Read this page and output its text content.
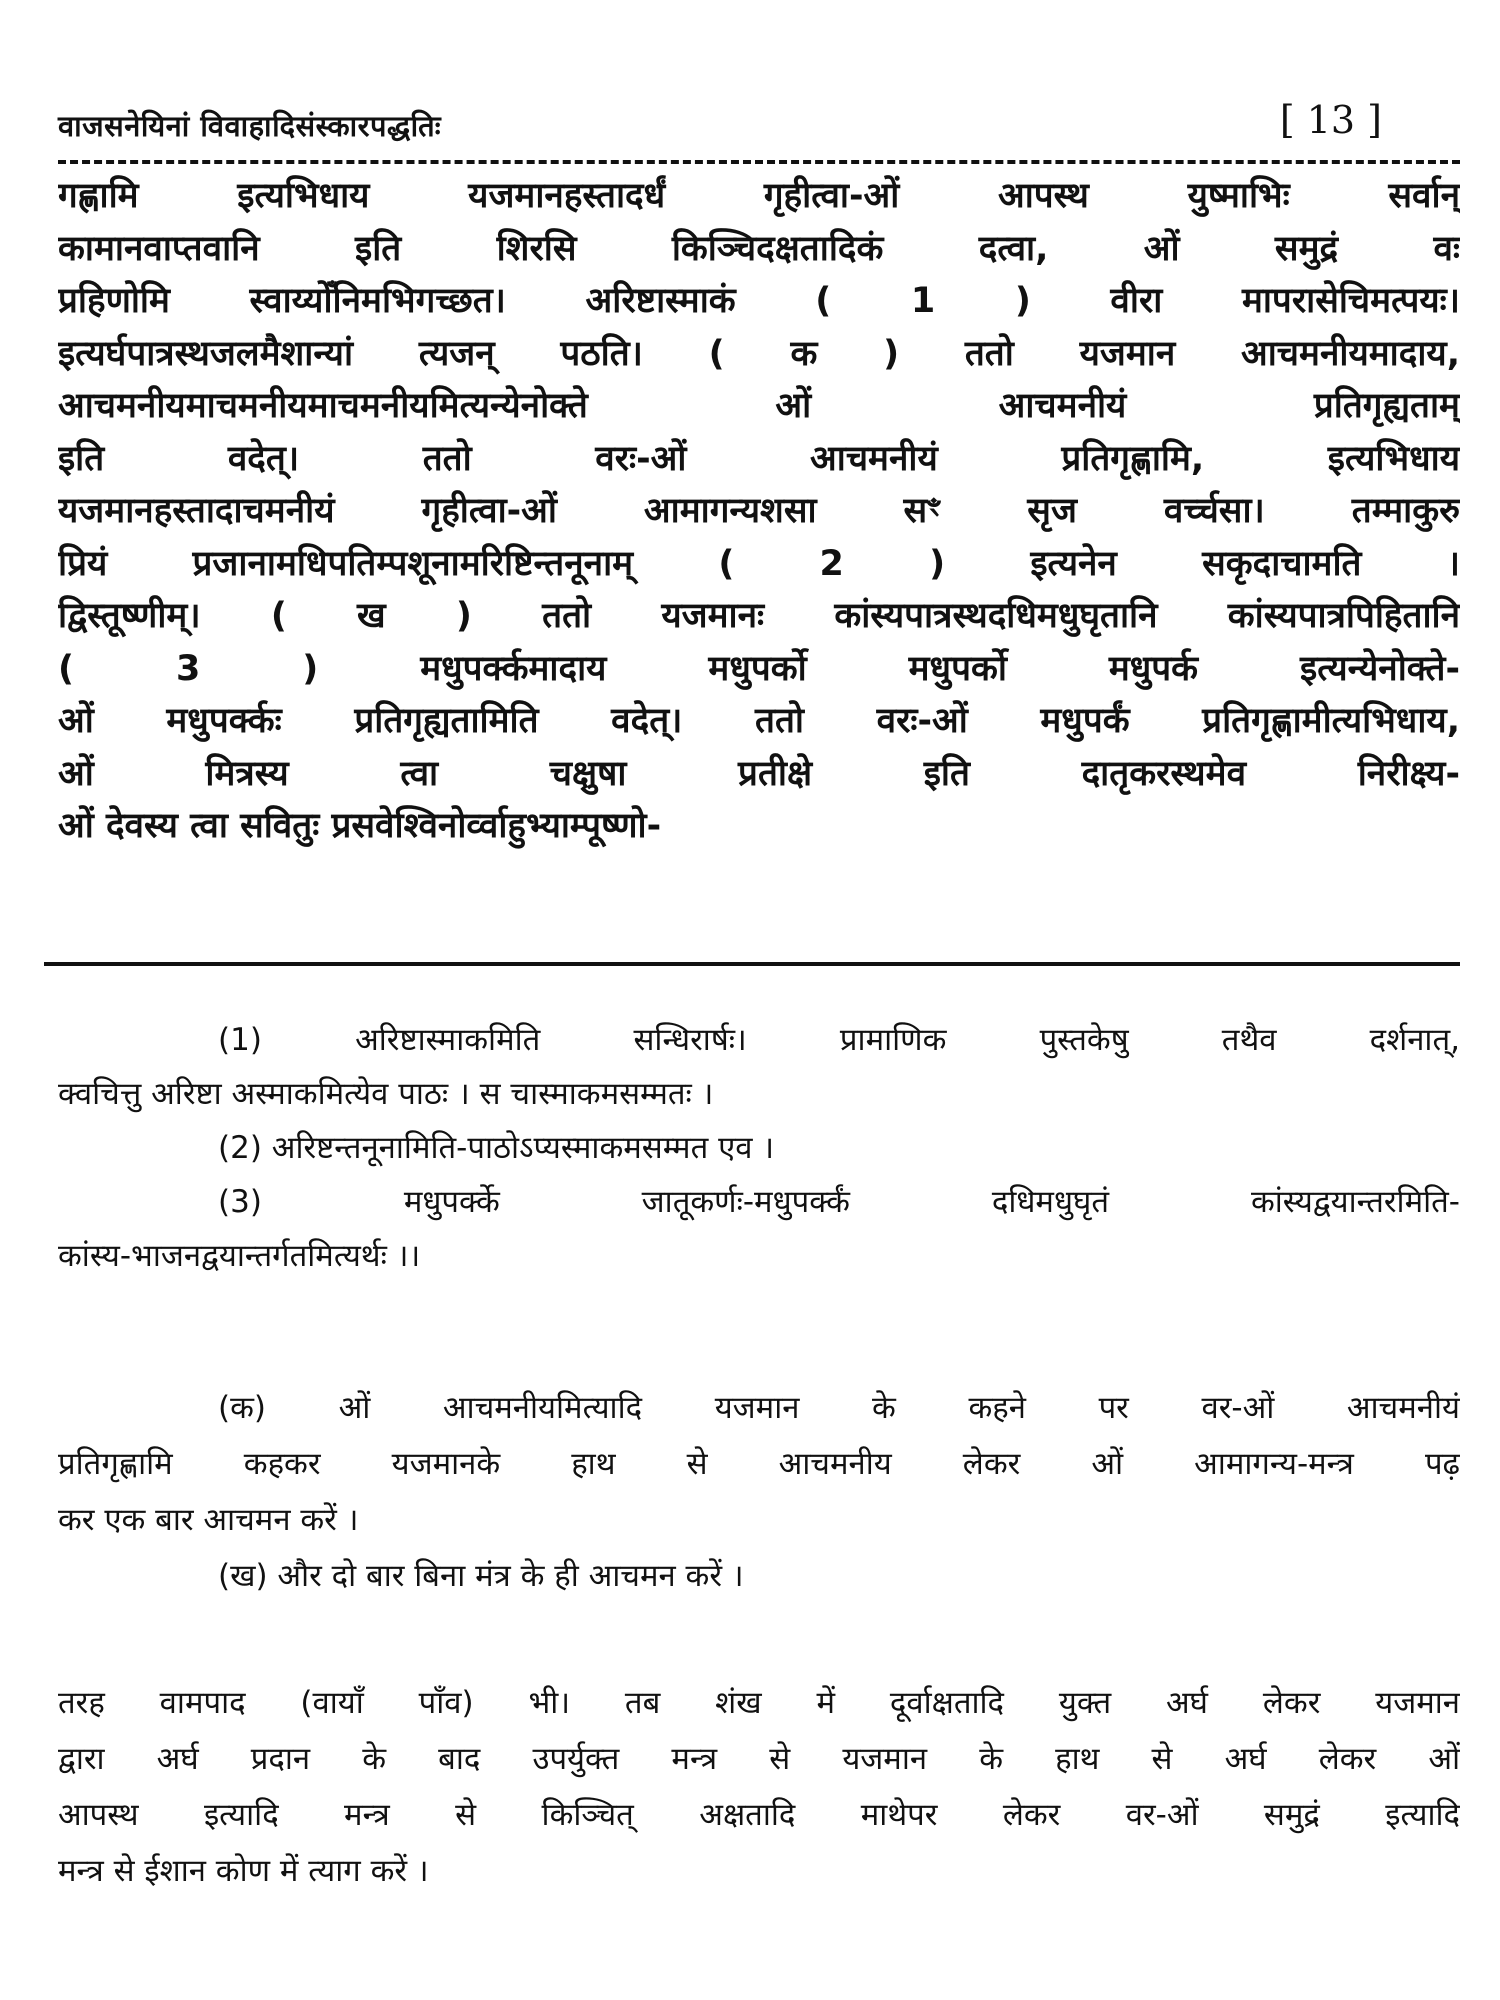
वाजसनेयिनां विवाहादिसंस्कारपद्धतिः	[ 13 ]
गह्णामि इत्यभिधाय यजमानहस्तादर्धं गृहीत्वा-ओं आपस्थ युष्माभिः सर्वान्
कामानवाप्तवानि इति शिरसि किञ्चिदक्षतादिकं दत्वा, ओं समुद्रं वः
प्रहिणोमि स्वाय्योँनिमभिगच्छत। अरिष्टास्माकं ( 1 ) वीरा मापरासेचिमत्पयः।
इत्यर्घपात्रस्थजलमैशान्यां त्यजन् पठति। ( क ) ततो यजमान आचमनीयमादाय,
आचमनीयमाचमनीयमाचमनीयमित्यन्येनोक्ते ओं आचमनीयं प्रतिगृह्यताम्
इति वदेत्। ततो वरः-ओं आचमनीयं प्रतिगृह्णामि, इत्यभिधाय
यजमानहस्तादाचमनीयं गृहीत्वा-ओं आमागन्यशसा सꣳ सृज वर्च्चसा। तम्माकुरु
प्रियं प्रजानामधिपतिम्पशूनामरिष्टिन्तनूनाम् ( 2 ) इत्यनेन सकृदाचामति ।
द्विस्तूष्णीम्। ( ख ) ततो यजमानः कांस्यपात्रस्थदधिमधुघृतानि कांस्यपात्रपिहितानि
( 3 ) मधुपर्क्कमादाय मधुपर्को मधुपर्को मधुपर्क इत्यन्येनोक्ते-
ओं मधुपर्क्कः प्रतिगृह्यतामिति वदेत्। ततो वरः-ओं मधुपर्कं प्रतिगृह्णामीत्यभिधाय,
ओं मित्रस्य त्वा चक्षुषा प्रतीक्षे इति दातृकरस्थमेव निरीक्ष्य-
ओं देवस्य त्वा सवितुः प्रसवेश्विनोर्व्वाहुभ्याम्पूष्णो-
(1) अरिष्टास्माकमिति सन्धिरार्षः। प्रामाणिक पुस्तकेषु तथैव दर्शनात्,
क्वचित्तु अरिष्टा अस्माकमित्येव पाठः । स चास्माकमसम्मतः ।
(2) अरिष्टन्तनूनामिति-पाठोऽप्यस्माकमसम्मत एव ।
(3) मधुपर्क्के जातूकर्णः-मधुपर्क्कं दधिमधुघृतं कांस्यद्वयान्तरमिति-
कांस्य-भाजनद्वयान्तर्गतमित्यर्थः ।।
(क) ओं आचमनीयमित्यादि यजमान के कहने पर वर-ओं आचमनीयं
प्रतिगृह्णामि कहकर यजमानके हाथ से आचमनीय लेकर ओं आमागन्य-मन्त्र पढ़
कर एक बार आचमन करें ।
(ख) और दो बार बिना मंत्र के ही आचमन करें ।
तरह वामपाद (वायाँ पाँव) भी। तब शंख में दूर्वाक्षतादि युक्त अर्घ लेकर यजमान
द्वारा अर्घ प्रदान के बाद उपर्युक्त मन्त्र से यजमान के हाथ से अर्घ लेकर ओं
आपस्थ इत्यादि मन्त्र से किञ्चित् अक्षतादि माथेपर लेकर वर-ओं समुद्रं इत्यादि
मन्त्र से ईशान कोण में त्याग करें ।
